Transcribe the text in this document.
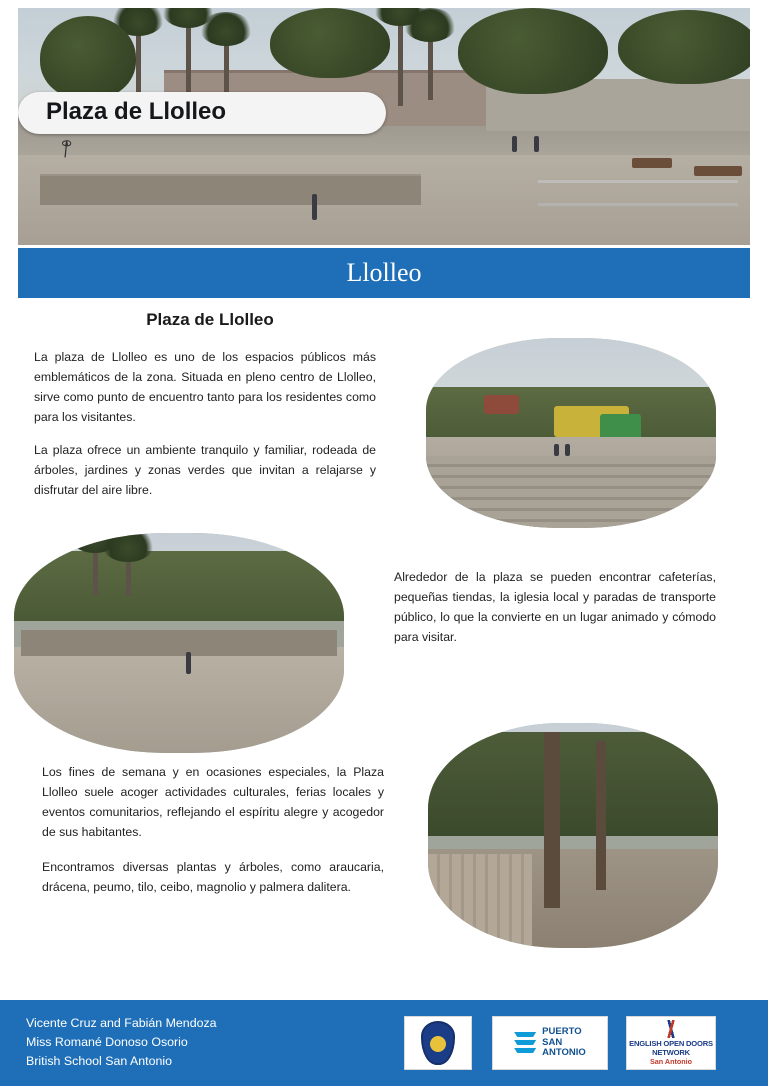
Plaza de Llolleo
Llolleo
Plaza de Llolleo
La plaza de Llolleo es uno de los espacios públicos más emblemáticos de la zona. Situada en pleno centro de Llolleo, sirve como punto de encuentro tanto para los residentes como para los visitantes.
La plaza ofrece un ambiente tranquilo y familiar, rodeada de árboles, jardines y zonas verdes que invitan a relajarse y disfrutar del aire libre.
Alrededor de la plaza se pueden encontrar cafeterías, pequeñas tiendas, la iglesia local y paradas de transporte público, lo que la convierte en un lugar animado y cómodo para visitar.
Los fines de semana y en ocasiones especiales, la Plaza Llolleo suele acoger actividades culturales, ferias locales y eventos comunitarios, reflejando el espíritu alegre y acogedor de sus habitantes.
Encontramos diversas plantas y árboles, como araucaria, drácena, peumo, tilo, ceibo, magnolio y palmera dalitera.
Vicente Cruz and Fabián Mendoza
Miss Romané Donoso Osorio
British School San Antonio
PUERTO
SAN
ANTONIO
ENGLISH OPEN DOORS NETWORK
San Antonio
